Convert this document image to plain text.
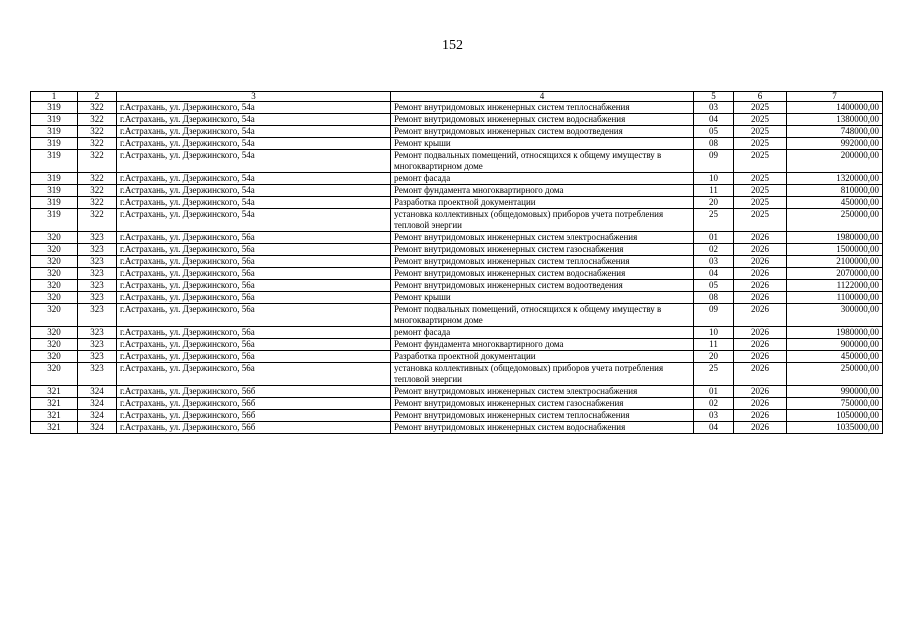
152
1	2	3	4	5	6	7
319	322	г.Астрахань, ул. Дзержинского, 54а	Ремонт внутридомовых инженерных систем теплоснабжения	03	2025	1400000,00
319	322	г.Астрахань, ул. Дзержинского, 54а	Ремонт внутридомовых инженерных систем водоснабжения	04	2025	1380000,00
319	322	г.Астрахань, ул. Дзержинского, 54а	Ремонт внутридомовых инженерных систем водоотведения	05	2025	748000,00
319	322	г.Астрахань, ул. Дзержинского, 54а	Ремонт крыши	08	2025	992000,00
319	322	г.Астрахань, ул. Дзержинского, 54а	Ремонт подвальных помещений, относящихся к общему имуществу в многоквартирном доме	09	2025	200000,00
319	322	г.Астрахань, ул. Дзержинского, 54а	ремонт фасада	10	2025	1320000,00
319	322	г.Астрахань, ул. Дзержинского, 54а	Ремонт фундамента многоквартирного дома	11	2025	810000,00
319	322	г.Астрахань, ул. Дзержинского, 54а	Разработка проектной документации	20	2025	450000,00
319	322	г.Астрахань, ул. Дзержинского, 54а	установка коллективных (общедомовых) приборов учета потребления тепловой энергии	25	2025	250000,00
320	323	г.Астрахань, ул. Дзержинского, 56а	Ремонт внутридомовых инженерных систем электроснабжения	01	2026	1980000,00
320	323	г.Астрахань, ул. Дзержинского, 56а	Ремонт внутридомовых инженерных систем газоснабжения	02	2026	1500000,00
320	323	г.Астрахань, ул. Дзержинского, 56а	Ремонт внутридомовых инженерных систем теплоснабжения	03	2026	2100000,00
320	323	г.Астрахань, ул. Дзержинского, 56а	Ремонт внутридомовых инженерных систем водоснабжения	04	2026	2070000,00
320	323	г.Астрахань, ул. Дзержинского, 56а	Ремонт внутридомовых инженерных систем водоотведения	05	2026	1122000,00
320	323	г.Астрахань, ул. Дзержинского, 56а	Ремонт крыши	08	2026	1100000,00
320	323	г.Астрахань, ул. Дзержинского, 56а	Ремонт подвальных помещений, относящихся к общему имуществу в многоквартирном доме	09	2026	300000,00
320	323	г.Астрахань, ул. Дзержинского, 56а	ремонт фасада	10	2026	1980000,00
320	323	г.Астрахань, ул. Дзержинского, 56а	Ремонт фундамента многоквартирного дома	11	2026	900000,00
320	323	г.Астрахань, ул. Дзержинского, 56а	Разработка проектной документации	20	2026	450000,00
320	323	г.Астрахань, ул. Дзержинского, 56а	установка коллективных (общедомовых) приборов учета потребления тепловой энергии	25	2026	250000,00
321	324	г.Астрахань, ул. Дзержинского, 56б	Ремонт внутридомовых инженерных систем электроснабжения	01	2026	990000,00
321	324	г.Астрахань, ул. Дзержинского, 56б	Ремонт внутридомовых инженерных систем газоснабжения	02	2026	750000,00
321	324	г.Астрахань, ул. Дзержинского, 56б	Ремонт внутридомовых инженерных систем теплоснабжения	03	2026	1050000,00
321	324	г.Астрахань, ул. Дзержинского, 56б	Ремонт внутридомовых инженерных систем водоснабжения	04	2026	1035000,00
